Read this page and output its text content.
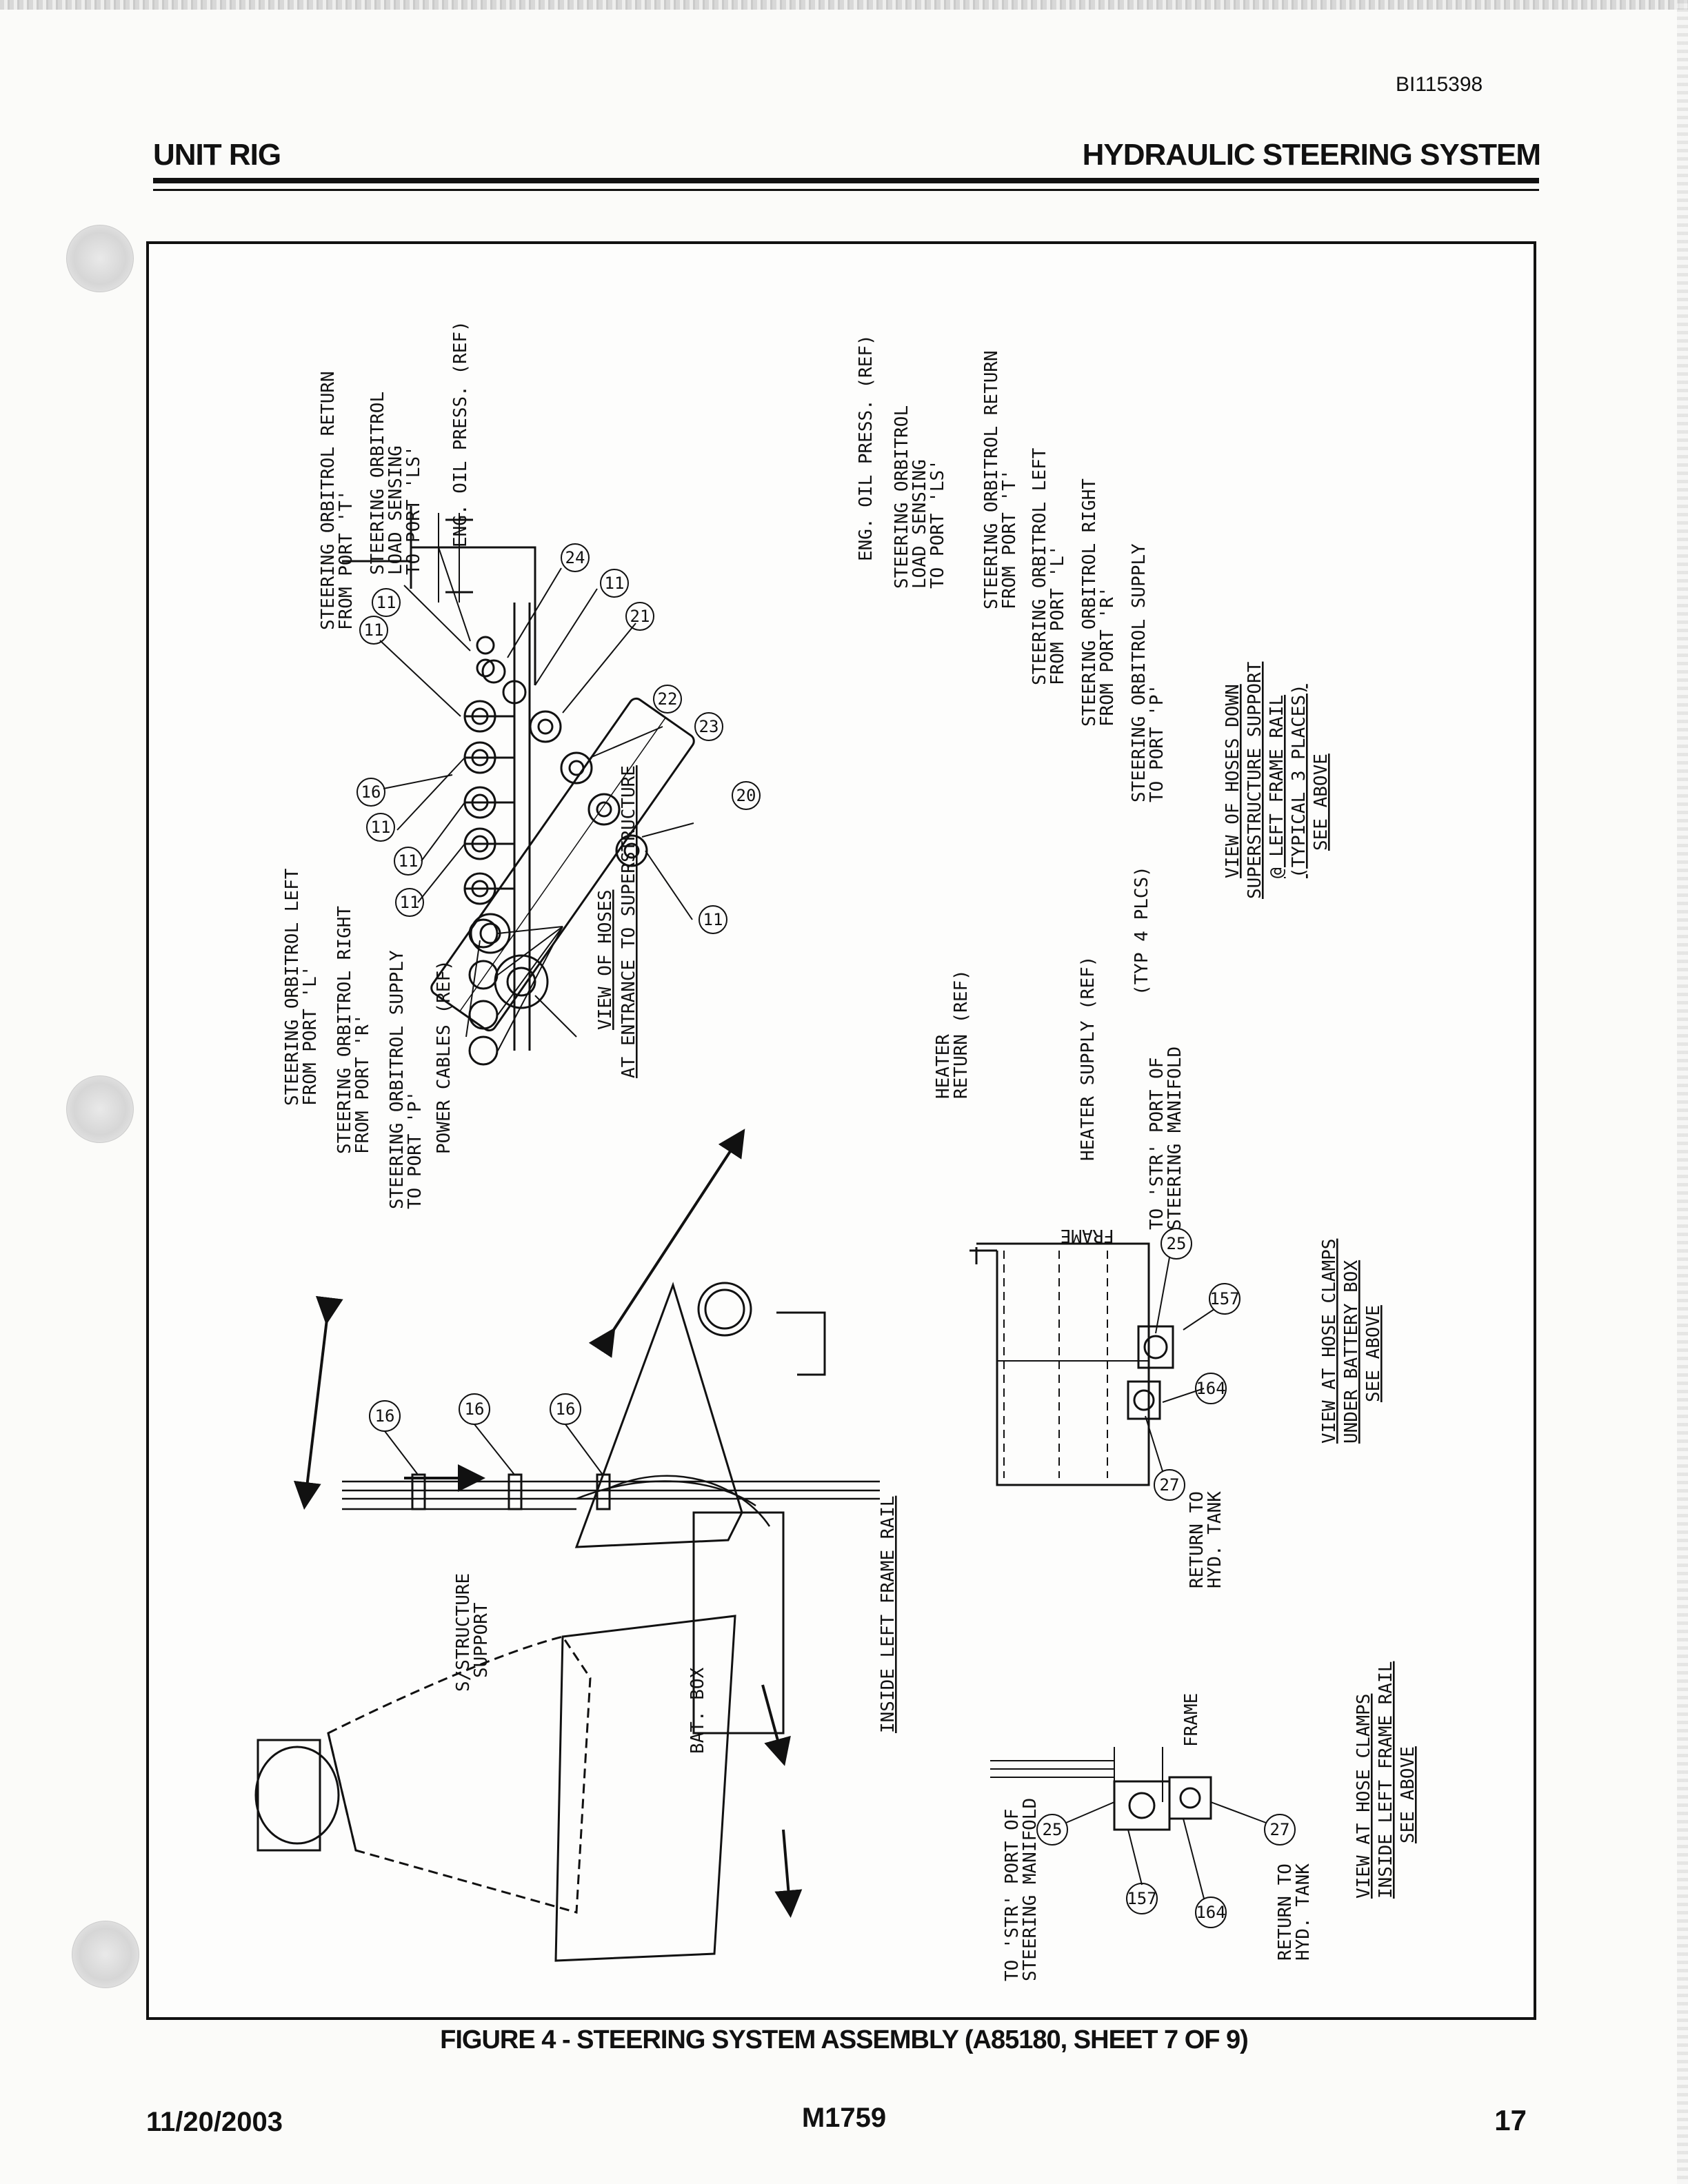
BI115398
UNIT RIG	HYDRAULIC STEERING SYSTEM
11
11
11
11
11
STEERING ORBITROL RETURN
FROM PORT 'T' STEERING ORBITROL
LOAD SENSING
TO PORT 'LS' ENG. OIL PRESS. (REF)
STEERING ORBITROL LEFT
FROM PORT 'L' STEERING ORBITROL RIGHT
FROM PORT 'R' STEERING ORBITROL SUPPLY
TO PORT 'P' POWER CABLES (REF)	VIEW OF HOSES AT ENTRANCE TO SUPERSTRUCTURE
24
11
21
22
23
20
11
16
ENG. OIL PRESS. (REF) STEERING ORBITROL
LOAD SENSING
TO PORT 'LS' STEERING ORBITROL RETURN
FROM PORT 'T' STEERING ORBITROL LEFT
FROM PORT 'L' STEERING ORBITROL RIGHT
FROM PORT 'R' STEERING ORBITROL SUPPLY
TO PORT 'P'
(TYP 4 PLCS)
HEATER
RETURN (REF)	HEATER SUPPLY (REF)
VIEW OF HOSES DOWN SUPERSTRUCTURE SUPPORT @ LEFT FRAME RAIL (TYPICAL 3 PLACES) SEE ABOVE
16	16	16
S/STRUCTURE
SUPPORT
BAT. BOX	INSIDE LEFT FRAME RAIL
25
157
164
27
FRAME
TO 'STR' PORT OF
STEERING MANIFOLD
RETURN TO
HYD. TANK
VIEW AT HOSE CLAMPS UNDER BATTERY BOX SEE ABOVE
25
157
164
27
FRAME
TO 'STR' PORT OF
STEERING MANIFOLD	RETURN TO
HYD. TANK
VIEW AT HOSE CLAMPS INSIDE LEFT FRAME RAIL SEE ABOVE
FIGURE 4 - STEERING SYSTEM ASSEMBLY (A85180, SHEET 7 OF 9)
11/20/2003	M1759	17
